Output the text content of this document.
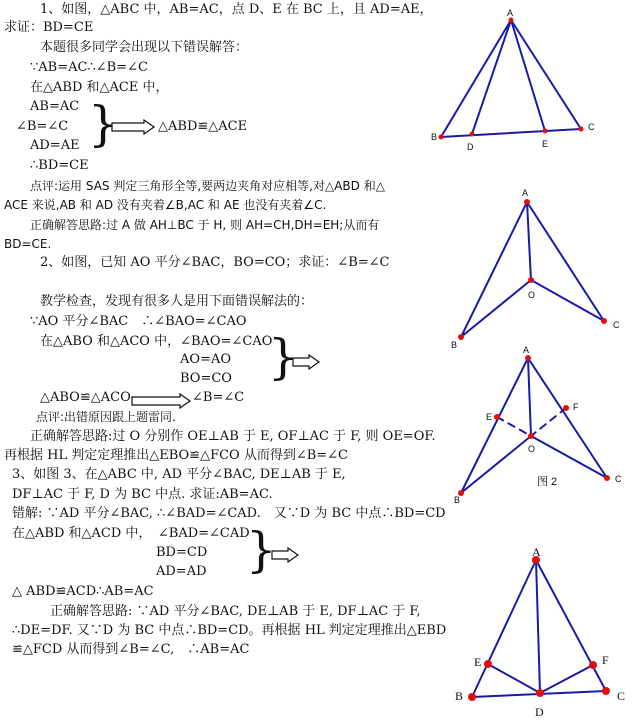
1、如图，△ABC 中，AB=AC，点 D、E 在 BC 上，且 AD=AE，
求证：BD=CE
本题很多同学会出现以下错误解答：
∵AB=AC∴∠B=∠C
在△ABD 和△ACE 中，
AB=AC
∠B=∠C
AD=AE }	△ABD≌△ACE
∴BD=CE
点评:运用 SAS 判定三角形全等,要两边夹角对应相等,对△ABD 和△
ACE 来说,AB 和 AD 没有夹着∠B,AC 和 AE 也没有夹着∠C.
正确解答思路:过 A 做 AH⊥BC 于 H, 则 AH=CH,DH=EH;从而有
BD=CE.
2、如图，已知 AO 平分∠BAC，BO=CO；求证：∠B=∠C
教学检查，发现有很多人是用下面错误解法的：
∵AO 平分∠BAC　∴∠BAO=∠CAO
在△ABO 和△ACO 中，∠BAO=∠CAO
AO=AO
BO=CO }
△ABO≌△ACO	∠B=∠C
点评:出错原因跟上题雷同.
正确解答思路:过 O 分别作 OE⊥AB 于 E, OF⊥AC 于 F, 则 OE=OF.
再根据 HL 判定定理推出△EBO≌△FCO 从而得到∠B=∠C
3、如图 3、在△ABC 中, AD 平分∠BAC, DE⊥AB 于 E,
DF⊥AC 于 F, D 为 BC 中点. 求证:AB=AC.
错解: ∵AD 平分∠BAC, ∴∠BAD=∠CAD.　又∵D 为 BC 中点∴BD=CD
在△ABD 和△ACD 中，　∠BAD=∠CAD
BD=CD
AD=AD }
△ ABD≌ACD∴AB=AC
正确解答思路: ∵AD 平分∠BAC, DE⊥AB 于 E, DF⊥AC 于 F,
∴DE=DF. 又∵D 为 BC 中点∴BD=CD。再根据 HL 判定定理推出△EBD
≌△FCD 从而得到∠B=∠C,　∴AB=AC
A
B
C
D	E
A
B
C
O
A
B
C
O
E
F
图 2
A
B	C
D
E	F
